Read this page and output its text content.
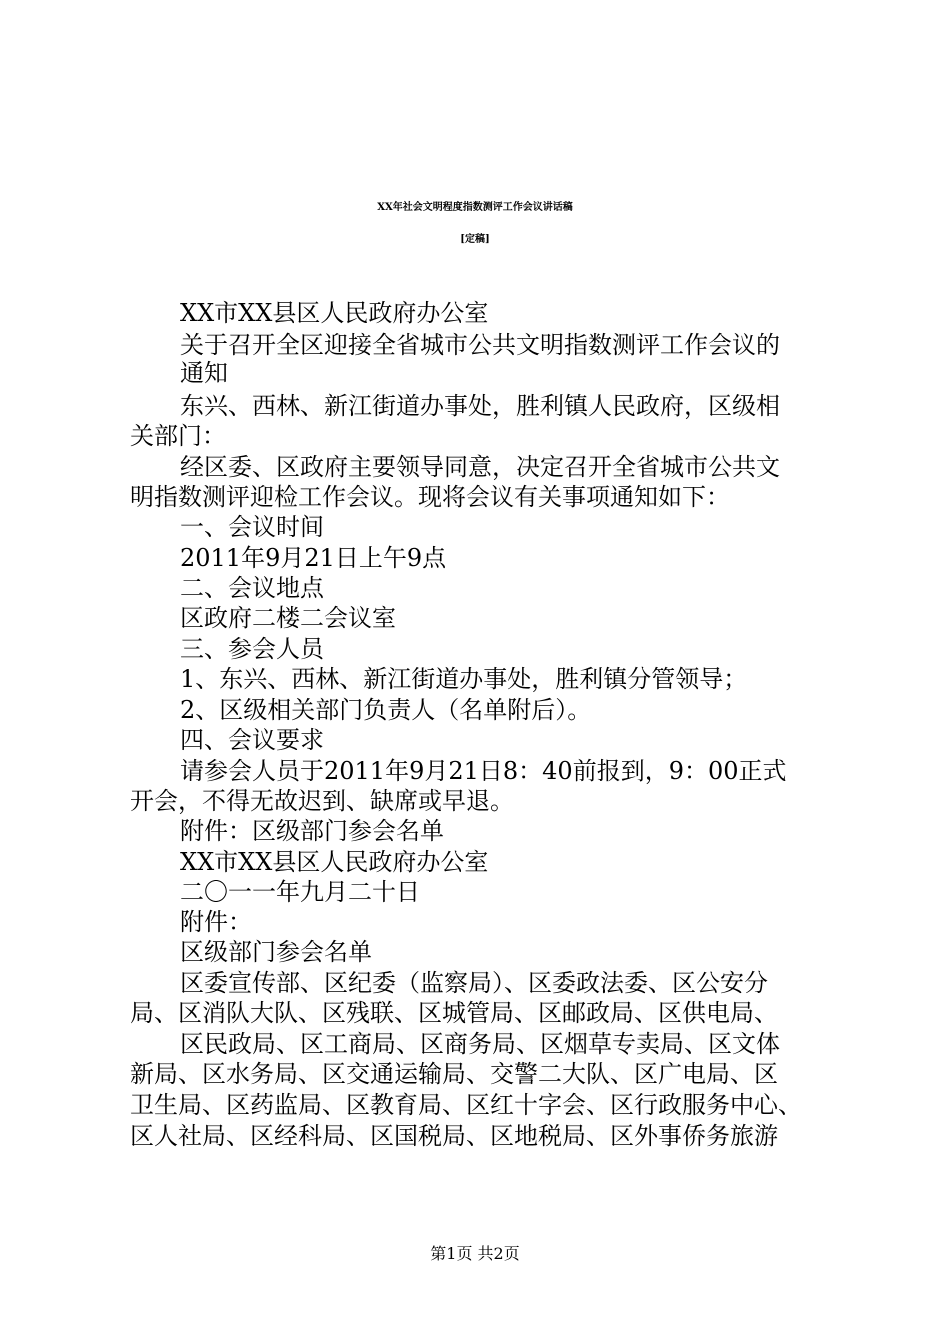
XX年社会文明程度指数测评工作会议讲话稿
[定稿]
XX市XX县区人民政府办公室
关于召开全区迎接全省城市公共文明指数测评工作会议的
通知
东兴、西林、新江街道办事处，胜利镇人民政府，区级相
关部门：
经区委、区政府主要领导同意，决定召开全省城市公共文
明指数测评迎检工作会议。现将会议有关事项通知如下：
一、会议时间
2011年9月21日上午9点
二、会议地点
区政府二楼二会议室
三、参会人员
1、东兴、西林、新江街道办事处，胜利镇分管领导；
2、区级相关部门负责人（名单附后）。
四、会议要求
请参会人员于2011年9月21日8：40前报到，9：00正式
开会，不得无故迟到、缺席或早退。
附件：区级部门参会名单
XX市XX县区人民政府办公室
二〇一一年九月二十日
附件：
区级部门参会名单
区委宣传部、区纪委（监察局）、区委政法委、区公安分
局、区消队大队、区残联、区城管局、区邮政局、区供电局、
区民政局、区工商局、区商务局、区烟草专卖局、区文体
新局、区水务局、区交通运输局、交警二大队、区广电局、区
卫生局、区药监局、区教育局、区红十字会、区行政服务中心、
区人社局、区经科局、区国税局、区地税局、区外事侨务旅游
第1页 共2页
